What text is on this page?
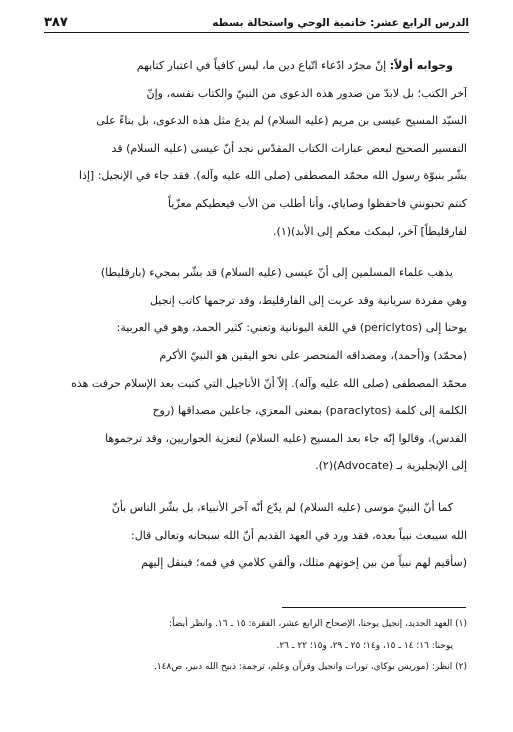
الدرس الرابع عشر: خاتمية الوحي واستحالة بسطه
٣٨٧

وجوابه أولاً: إنّ مجرّد ادّعاء اتّباع دين ما، ليس كافياً في اعتبار كتابهم

آخر الكتب؛ بل لابدّ من صدور هذه الدعوى من النبيّ والكتاب نفسه، وإنّ

السيّد المسيح عيسى بن مريم (عليه السلام) لم يدع مثل هذه الدعوى، بل بناءً على

التفسير الصحيح لبعض عبارات الكتاب المقدّس نجد أنّ عيسى (عليه السلام) قد

بشّر بنبوّة رسول الله محمّد المصطفى (صلى الله عليه وآله). فقد جاء في الإنجيل: [إذا

كنتم تحبونني فاحفظوا وصاياي، وأنا أطلب من الأب فيعطيكم معزّياً

لفارقليطاً] آخر، ليمكث معكم إلى الأبد)(١).

يذهب علماء المسلمين إلى أنّ عيسى (عليه السلام) قد بشّر بمجيء (بارقليطا)

وهي مفردة سريانية وقد عربت إلى الفارقليط، وقد ترجمها كاتب إنجيل

يوحنا إلى (periclytos) في اللغة اليونانية وتعني: كثير الحمد، وهو في العربية:

(محمّد) و(أحمد)، ومصداقه المنحصر على نحو اليقين هو النبيّ الأكرم

محمّد المصطفى (صلى الله عليه وآله). إلاّ أنّ الأناجيل التي كتبت بعد الإسلام حرفت هذه

الكلمة إلى كلمة (paraclytos) بمعنى المعزي، جاعلين مصداقها (روح

القدس)، وقالوا إنّه جاء بعد المسيح (عليه السلام) لتعزية الحواريين، وقد ترجموها

إلى الإنجليزية بـ (Advocate)(٢).

كما أنّ النبيّ موسى (عليه السلام) لم يدّع أنّه آخر الأنبياء، بل بشّر الناس بأنّ

الله سيبعث نبياً بعده، فقد ورد في العهد القديم أنّ الله سبحانه وتعالى قال:

(سأقيم لهم نبياً من بين إخوتهم مثلك، وألقي كلامي في فمه؛ فينقل إليهم

(١) العهد الجديد، إنجيل يوحنا، الإصحاح الرابع عشر، الفقرة: ١٥ ـ ١٦. وانظر أيضاً:

يوحنا: ١٦؛ ١٤ ـ ١٥، و١٤؛ ٢٥ ـ ٢٩، و١٥؛ ٢٢ ـ ٢٦.

(٢) انظر: (موريس بوكاي، تورات وانجيل وقرآن وعلم، ترجمة: ذبيح الله دبير، ص١٤٨.
